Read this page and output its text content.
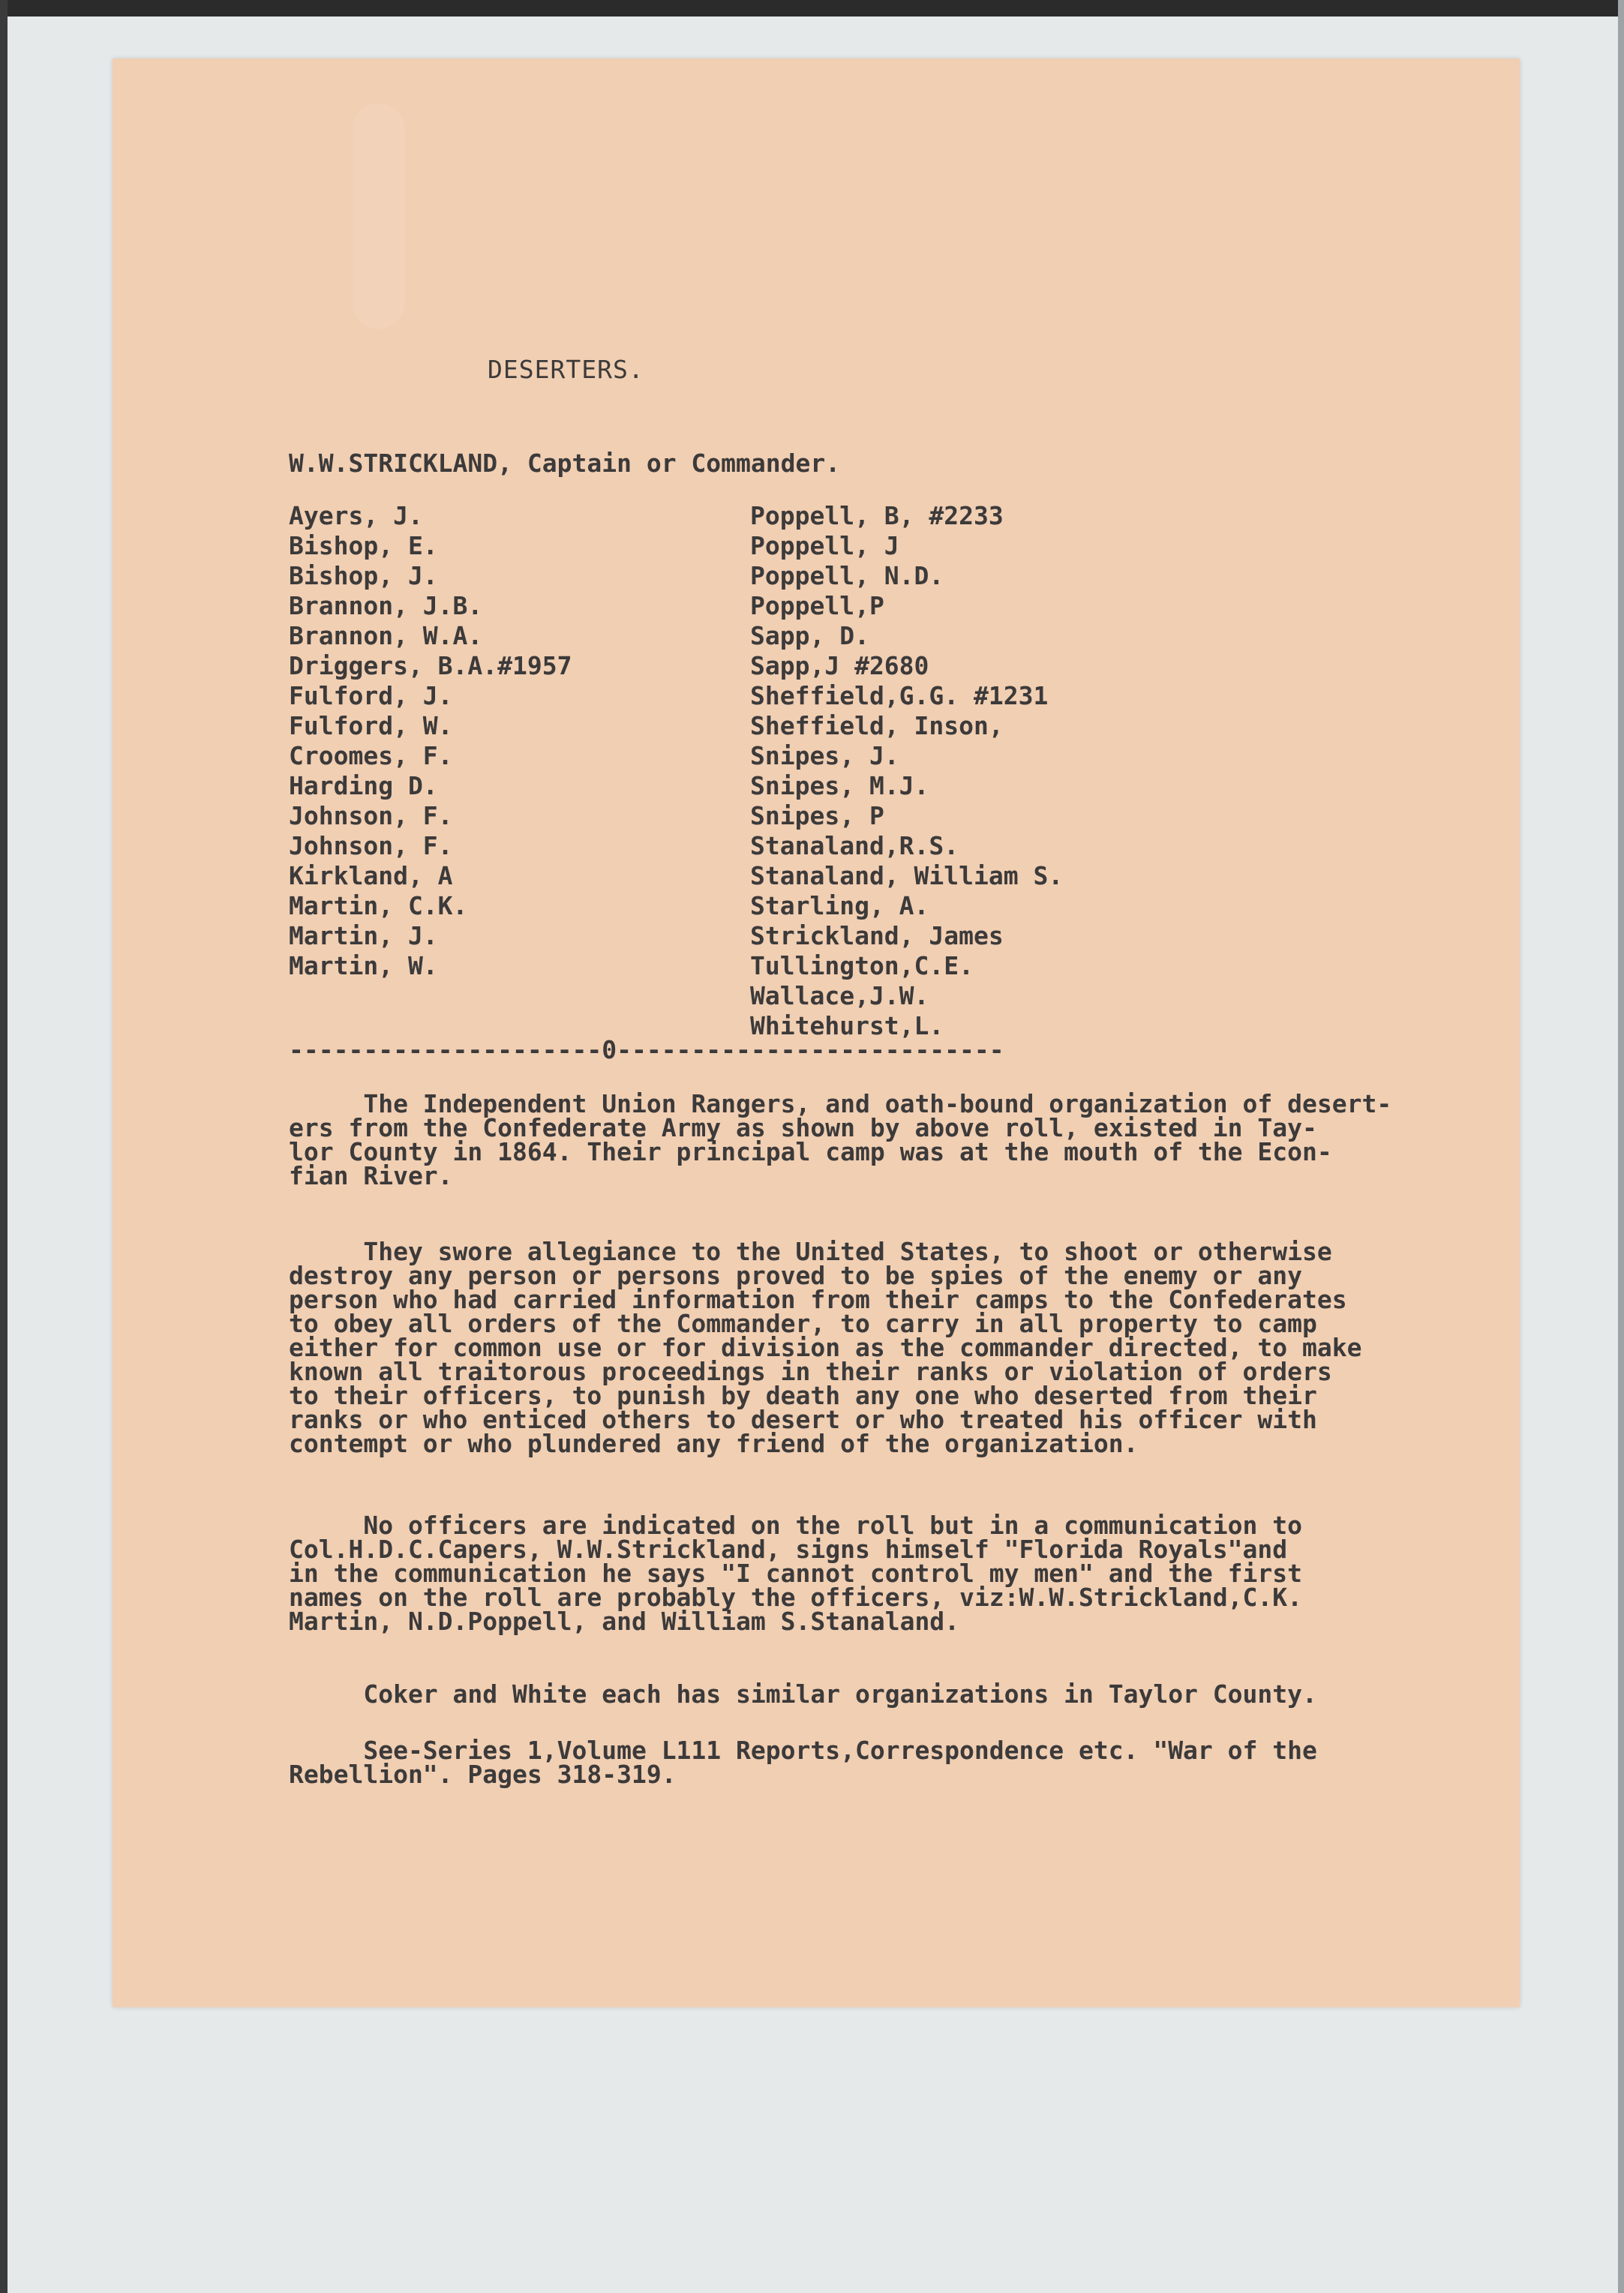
DESERTERS.
W.W.STRICKLAND, Captain or Commander.
Ayers, J.
Bishop, E.
Bishop, J.
Brannon, J.B.
Brannon, W.A.
Driggers, B.A.#1957
Fulford, J.
Fulford, W.
Croomes, F.
Harding D.
Johnson, F.
Johnson, F.
Kirkland, A
Martin, C.K.
Martin, J.
Martin, W.
Poppell, B, #2233
Poppell, J
Poppell, N.D.
Poppell,P
Sapp, D.
Sapp,J #2680
Sheffield,G.G. #1231
Sheffield, Inson,
Snipes, J.
Snipes, M.J.
Snipes, P
Stanaland,R.S.
Stanaland, William S.
Starling, A.
Strickland, James
Tullington,C.E.
Wallace,J.W.
Whitehurst,L.
---------------------0--------------------------
The Independent Union Rangers, and oath-bound organization of desert-
ers from the Confederate Army as shown by above roll, existed in Tay-
lor County in 1864. Their principal camp was at the mouth of the Econ-
fian River.
They swore allegiance to the United States, to shoot or otherwise
destroy any person or persons proved to be spies of the enemy or any
person who had carried information from their camps to the Confederates
to obey all orders of the Commander, to carry in all property to camp
either for common use or for division as the commander directed, to make
known all traitorous proceedings in their ranks or violation of orders
to their officers, to punish by death any one who deserted from their
ranks or who enticed others to desert or who treated his officer with
contempt or who plundered any friend of the organization.
No officers are indicated on the roll but in a communication to
Col.H.D.C.Capers, W.W.Strickland, signs himself "Florida Royals"and
in the communication he says "I cannot control my men" and the first
names on the roll are probably the officers, viz:W.W.Strickland,C.K.
Martin, N.D.Poppell, and William S.Stanaland.
Coker and White each has similar organizations in Taylor County.
See-Series 1,Volume L111 Reports,Correspondence etc. "War of the
Rebellion". Pages 318-319.
